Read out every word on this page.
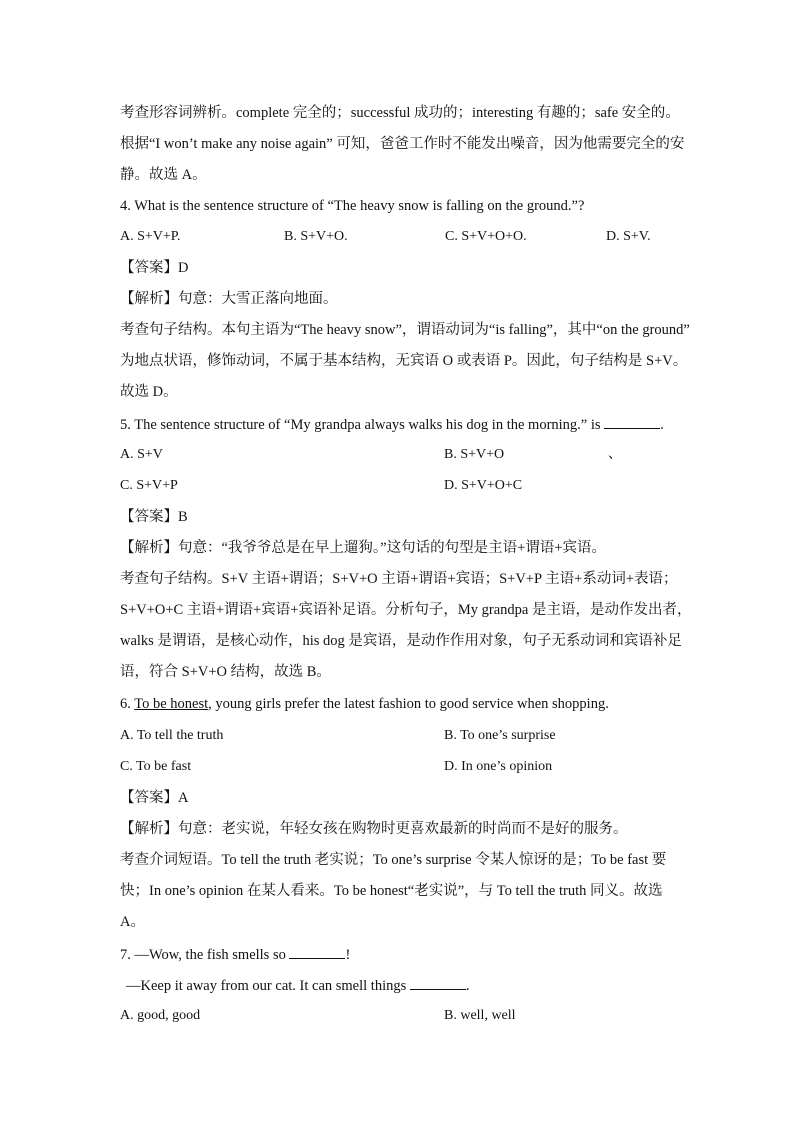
考查形容词辨析。complete 完全的；successful 成功的；interesting 有趣的；safe 安全的。
根据“I won’t make any noise again” 可知，爸爸工作时不能发出噪音，因为他需要完全的安
静。故选 A。
4. What is the sentence structure of “The heavy snow is falling on the ground.”?
A. S+V+P.	B. S+V+O.	C. S+V+O+O.	D. S+V.
【答案】D
【解析】句意：大雪正落向地面。
考查句子结构。本句主语为“The heavy snow”，谓语动词为“is falling”，其中“on the ground”
为地点状语，修饰动词，不属于基本结构，无宾语 O 或表语 P。因此，句子结构是 S+V。
故选 D。
5. The sentence structure of “My grandpa always walks his dog in the morning.” is	.
A. S+V	B. S+V+O	、
C. S+V+P	D. S+V+O+C
【答案】B
【解析】句意：“我爷爷总是在早上遛狗。”这句话的句型是主语+谓语+宾语。
考查句子结构。S+V 主语+谓语；S+V+O 主语+谓语+宾语；S+V+P 主语+系动词+表语；
S+V+O+C 主语+谓语+宾语+宾语补足语。分析句子，My grandpa 是主语，是动作发出者，
walks 是谓语，是核心动作，his dog 是宾语，是动作作用对象，句子无系动词和宾语补足
语，符合 S+V+O 结构，故选 B。
6. To be honest, young girls prefer the latest fashion to good service when shopping.
A. To tell the truth	B. To one’s surprise
C. To be fast	D. In one’s opinion
【答案】A
【解析】句意：老实说，年轻女孩在购物时更喜欢最新的时尚而不是好的服务。
考查介词短语。To tell the truth 老实说；To one’s surprise 令某人惊讶的是；To be fast 要
快；In one’s opinion 在某人看来。To be honest“老实说”，与 To tell the truth 同义。故选
A。
7. —Wow, the fish smells so	!
—Keep it away from our cat. It can smell things	.
A. good, good	B. well, well
